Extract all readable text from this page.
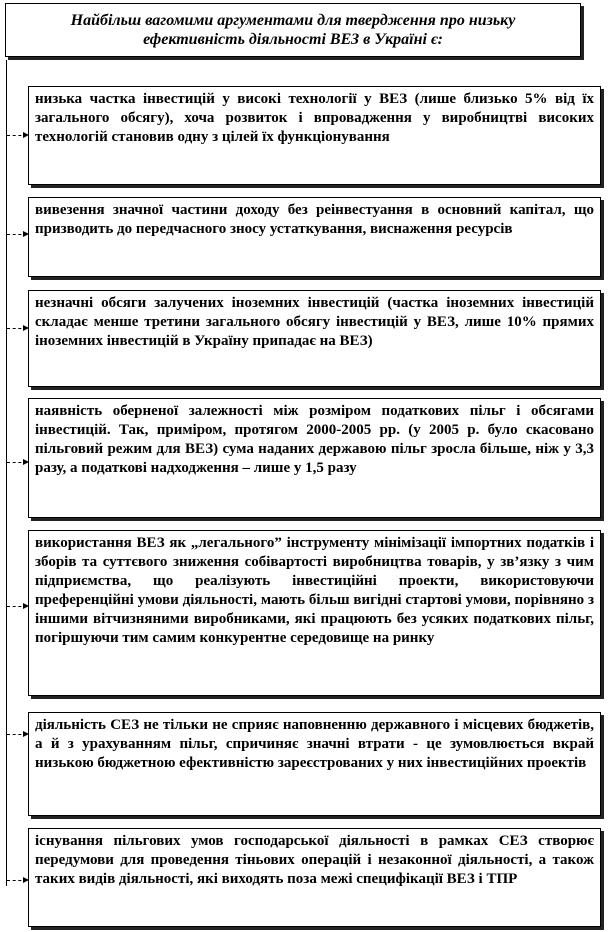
Найбільш вагомими аргументами для твердження про низьку ефективність діяльності ВЕЗ в Україні є:

низька частка інвестицій у високі технології у ВЕЗ (лише близько 5% від їх загального обсягу), хоча розвиток і впровадження у виробництві високих технологій становив одну з цілей їх функціонування

вивезення значної частини доходу без реінвестуання в основний капітал, що призводить до передчасного зносу устаткування, виснаження ресурсів

незначні обсяги залучених іноземних інвестицій (частка іноземних інвестицій складає менше третини загального обсягу інвестицій у ВЕЗ, лише 10% прямих іноземних інвестицій в Україну припадає на ВЕЗ)

наявність оберненої залежності між розміром податкових пільг і обсягами інвестицій. Так, приміром, протягом 2000-2005 рр. (у 2005 р. було скасовано пільговий режим для ВЕЗ) сума наданих державою пільг зросла більше, ніж у 3,3 разу, а податкові надходження – лише у 1,5 разу

використання ВЕЗ як „легального” інструменту мінімізації імпортних податків і зборів та суттєвого зниження собівартості виробництва товарів, у зв’язку з чим підприємства, що реалізують інвестиційні проекти, використовуючи преференційні умови діяльності, мають більш вигідні стартові умови, порівняно з іншими вітчизняними виробниками, які працюють без усяких податкових пільг, погіршуючи тим самим конкурентне середовище на ринку

діяльність СЕЗ не тільки не сприяє наповненню державного і місцевих бюджетів, а й з урахуванням пільг, спричиняє значні втрати - це зумовлюється вкрай низькою бюджетною ефективністю зареєстрованих у них інвестиційних проектів

існування пільгових умов господарської діяльності в рамках СЕЗ створює передумови для проведення тіньових операцій і незаконної діяльності, а також таких видів діяльності, які виходять поза межі специфікації ВЕЗ і ТПР
